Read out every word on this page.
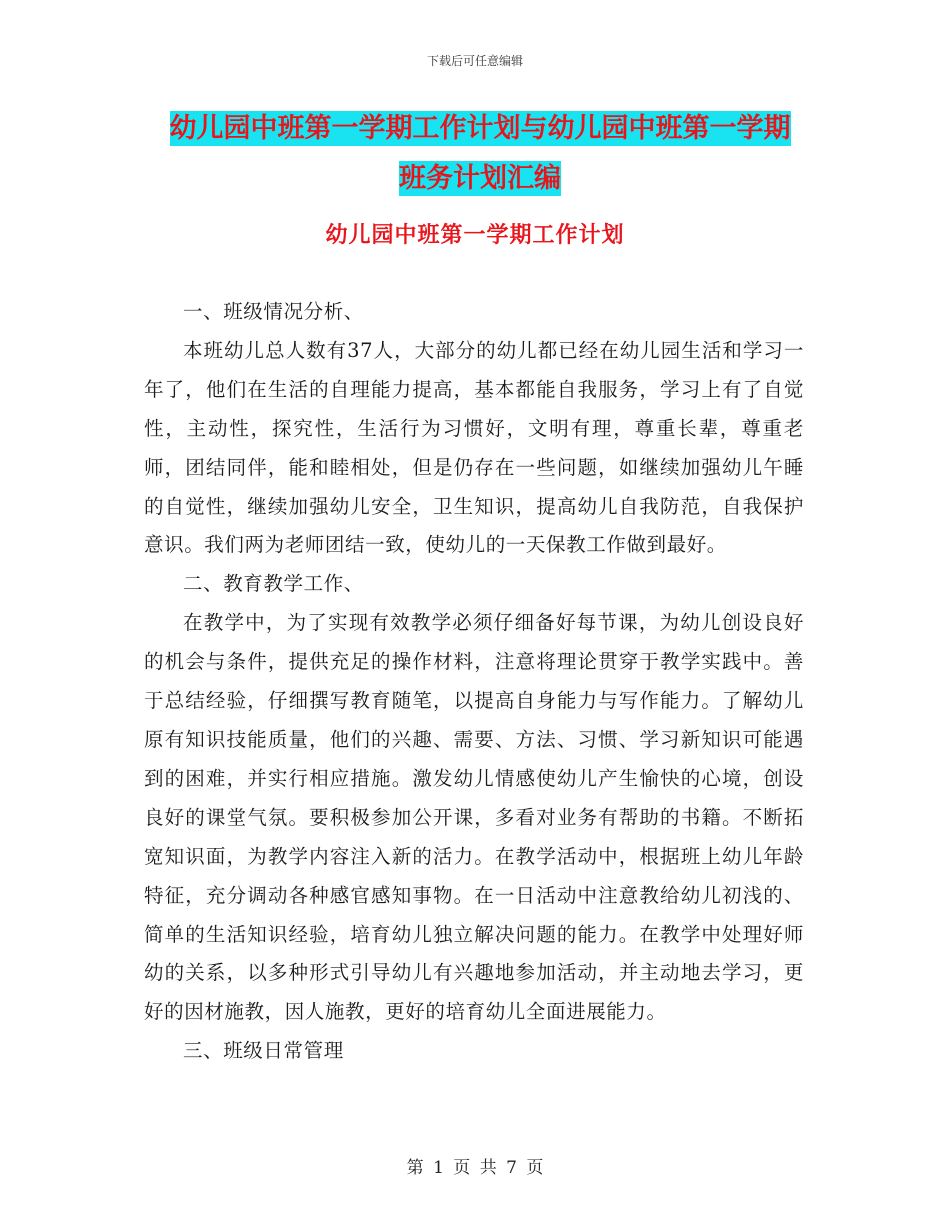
下载后可任意编辑
幼儿园中班第一学期工作计划与幼儿园中班第一学期
班务计划汇编
幼儿园中班第一学期工作计划

一、班级情况分析、

本班幼儿总人数有37人，大部分的幼儿都已经在幼儿园生活和学习一年了，他们在生活的自理能力提高，基本都能自我服务，学习上有了自觉性，主动性，探究性，生活行为习惯好，文明有理，尊重长辈，尊重老师，团结同伴，能和睦相处，但是仍存在一些问题，如继续加强幼儿午睡的自觉性，继续加强幼儿安全，卫生知识，提高幼儿自我防范，自我保护意识。我们两为老师团结一致，使幼儿的一天保教工作做到最好。

二、教育教学工作、

在教学中，为了实现有效教学必须仔细备好每节课，为幼儿创设良好的机会与条件，提供充足的操作材料，注意将理论贯穿于教学实践中。善于总结经验，仔细撰写教育随笔，以提高自身能力与写作能力。了解幼儿原有知识技能质量，他们的兴趣、需要、方法、习惯、学习新知识可能遇到的困难，并实行相应措施。激发幼儿情感使幼儿产生愉快的心境，创设良好的课堂气氛。要积极参加公开课，多看对业务有帮助的书籍。不断拓宽知识面，为教学内容注入新的活力。在教学活动中，根据班上幼儿年龄特征，充分调动各种感官感知事物。在一日活动中注意教给幼儿初浅的、简单的生活知识经验，培育幼儿独立解决问题的能力。在教学中处理好师幼的关系，以多种形式引导幼儿有兴趣地参加活动，并主动地去学习，更好的因材施教，因人施教，更好的培育幼儿全面进展能力。

三、班级日常管理

第 1 页 共 7 页
